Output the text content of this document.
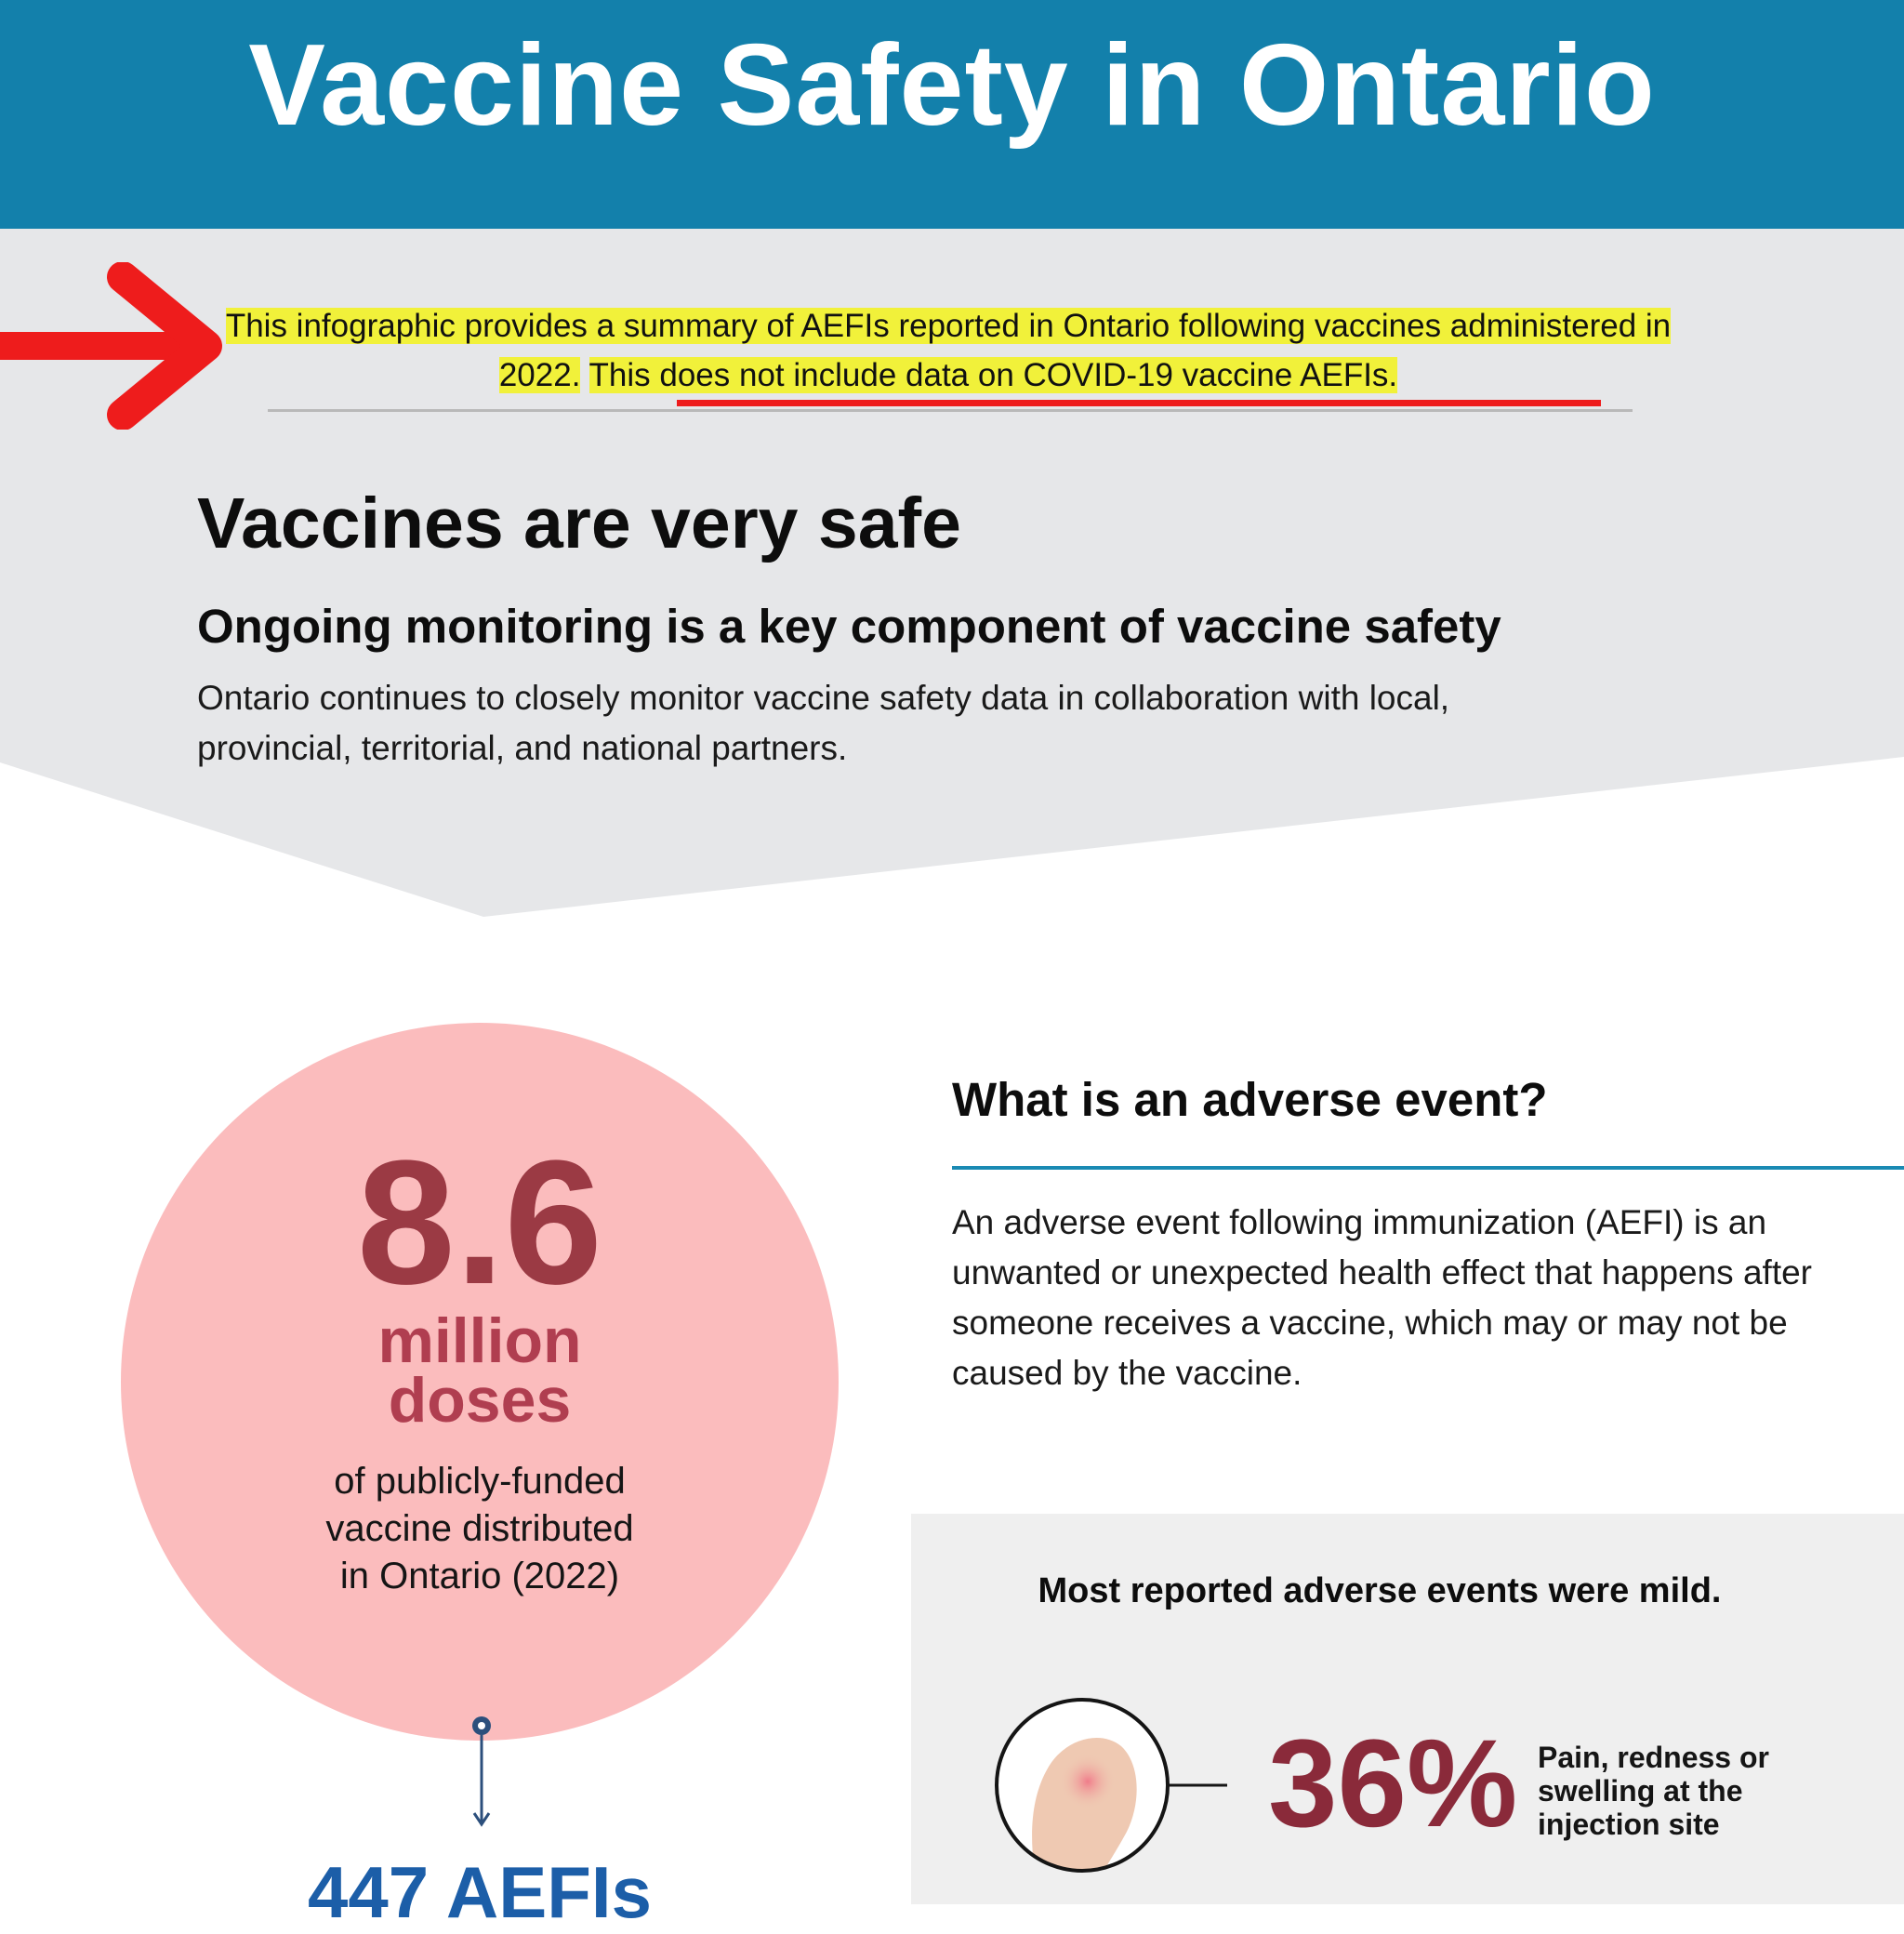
Vaccine Safety in Ontario
This infographic provides a summary of AEFIs reported in Ontario following vaccines administered in 2022. This does not include data on COVID-19 vaccine AEFIs.
Vaccines are very safe
Ongoing monitoring is a key component of vaccine safety
Ontario continues to closely monitor vaccine safety data in collaboration with local, provincial, territorial, and national partners.
8.6
million
doses
of publicly-funded
vaccine distributed
in Ontario (2022)
447 AEFIs
What is an adverse event?
An adverse event following immunization (AEFI) is an unwanted or unexpected health effect that happens after someone receives a vaccine, which may or may not be caused by the vaccine.
Most reported adverse events were mild.
36% Pain, redness or swelling at the injection site
